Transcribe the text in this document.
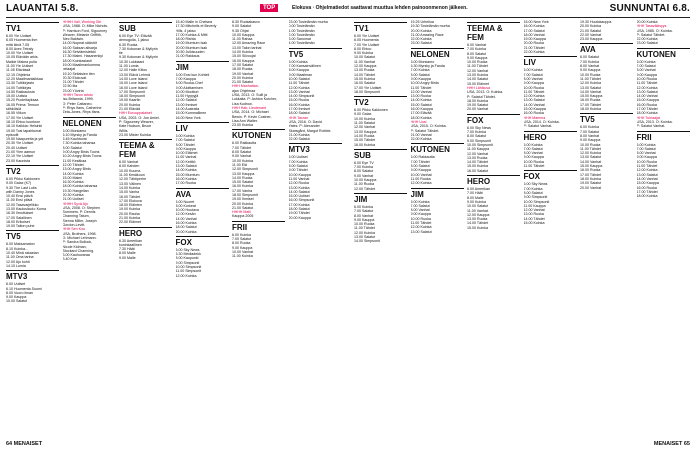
LAUANTAI 5.8.	TOP	Elokuva · Ohjelmatiedot saattavat muuttua lehden painoonmenon jälkeen.	SUNNUNTAI 6.8.
TV1
6.00 Yle Uutiset
6.05 Huomenta ihm
mitä ikinä 7.05
8.00 Avec Tetraly
10.00 Yle Uutiset
10.05 Elävään arkis.
Maikie Makea pulla
11.00 Yle Uutiset
11.05 Elävässä
12.15 Ohjelmia
12.20 Maailmanlaikkaa
13.30 Tuttikirjasto
14.00 Tuttikirjas
14.50 Rakkauksia
15.00 Uutisia
15.20 Puoleltayksaa
16.05 Prima: Tenson
sähköisiä
16.55 Viikon
17.00 Yle Uutiset
18.10 Ehtoo luontoon
18.10 Kaikkia: Helsinki
19.00 Tosi tapahtumat
episodit
19.50 Naapureita ja yrit
20.30 Yle Uutiset
20.40 Uutiset
21.00 Ylen aamun
22.10 Yle Uutiset
23.00 Kaunista
TV2
6.00 Pikku Kakkonen
9.00 Galax (K7)
9.30 The Last Lubs
with Danny Jones
10.40 Ensi päivä
11.00 Ensi päivä
12.00 Tasavarjelikko
13.00 Kauluslaulu: Kuma
16.30 Ilmoitukset
17.00 Salallinen
18.00 Erikoiset
19.00 Taiton puhe
TV5
6.00 Maksamaton
8.10 Kuinka...
10.40 Minä rakastan
11.00 Oma tarina
12.00 Ajo kohti
14.10 Lumia
MTV3
6.00 Uutiset
6.10 Huomenta Suomi
8.00 Vuoro ilman
9.00 Kauppa
10.00 Salatut
HHHH Vall, Working Girl
USA, 1988. O: Mike Nichols.
P: Harrison Ford, Sigourney
Weaver, Melanie Griffith,
Alec Baldwin.
14.00 Nopeat sääntöt
16.00 Saksan alisarja
16.30 Selviämisleikki
17.30 Malmi. Hasanenkyl
18.00 Kuinkaslasti
19.00 Maailmankumma
pelaajat
19.10 Sellaisien tien
20.30 Elokuvat
21.00 Tähdet
22.50 Ilta
23.00 Yövirta
HHHH Tarun tahdo
Iso-Britannia, 1999.
O: Peter Cattaneo.
P: Rhys Ifans, Catherine
Zeta-Jones, Rhys Ifans.
NELONEN
6.00 Morsiamo
6.10 Myrsky ja Fanda
6.45 Kauhtuvat
7.30 Kuinka tahansa
8.00 Salatut
9.00 Angry Birds Toons
10.20 Angry Birds Toons
11.00 Kesäkaa
12.00 Tähdet
13.00 Angry Birds
14.00 Kuinka
15.00 Malmi
16.30 Kuinka
18.00 Kuinka tahansa
19.30 Hangellan
20.30 Kuinka
21.00 Uutiset
HHHH Syvä Ajo
USA, 2008. O: Stephen
Sommers. P: Dennis
Channing Tatum,
Sienna Miller, Joseph
Gordon-Levitt.
HHH Sen Kou
USA, Brothers, 1998.
O: Michael Lehmann.
P: Sandra Bullock,
Nicole Kidman,
Stockard Channing.
3.00 Kauhuvaraa
3.40 Koe
SUB
6.00 Eye TV: Elävää
demogoila, 1 jakso
6.30 Ruoka
7.30 Kokonan & Myllyrin
tie
9.30 Kokonan & Myllyrin
10.30 Lukkiaani
11.00 Lumia
12.00 Halle Kiitos
13.00 Elävä Lehmä
14.00 Love Island
15.00 Love Island
16.00 Love Island
17.00 Simpsonit
18.00 Simpsonit
19.00 Kaartin
20.00 Kuinka
21.00 Elävää
HHH Eurooppalaiset
USA, 2003. O: Jon Amiel.
P: Sigourney Weaver,
Kate Hudson, Bruce
Willis.
23.00 Mister Kuinka
TEEMA & FEM
6.00 Vanhat
8.00 Kahden
10.00 Kuuma
11.00 Kesäkuun
12.00 Tähtiperhe
13.00 Välinen
14.00 Kuinka
15.00 Vanha
16.00 Tähdet
17.00 Elokuva
18.00 Eläinten
19.00 Kuinka
20.00 Rauha
21.00 Kuinka
22.00 Eläimet
HERO
6.30 Amerikan
kuninkaallinen
7.30 Häät
8.00 Malle
9.00 Malle
15.40 Malle in Chelsea
17.30 Mitchells et Beverly
Hills, 4 jakso
17.00 Kuinka & Mitti
18.00 Rishta
19.00 Mumtum Isak
20.00 Mumtum Isak
20.50 Julkisuuden
21.00 Rakkaus
JIM
6.00 Ensi kun Kohteli
7.00 Kauppa
8.00 Ruoka-Chef
9.00 Aloittamisen
10.00 Moottori
11.00 Hyppyjä
12.00 Salatut
13.00 Ihmiset
14.00 Australia
15.00 Kummallinen
16.00 New York
LIV
6.00 Kuinka
7.00 Salatut
8.00 Tähdet
9.00 Kauppa
10.00 Eläimet
11.00 Vanhat
12.00 Keittiö
13.00 Salatut
14.00 Kuinka
15.00 Mumtum
16.00 Kuinka
17.00 Ruoka
AVA
6.00 Nuoret
8.00 Korkeat
10.00 Huutava
12.00 Kesän
14.00 Vanhat
16.00 Kuinka
18.00 Salatut
20.00 Kuinka
FOX
6.00 Sky News
6.30 Mediadekk
8.00 Kaupunki
9.00 Simpsonit
10.00 Simpsonit
11.00 Simpsonit
12.00 Kuinka
8.30 Ruokakasvo
9.00 Salatut
9.35 Ohjat
10.00 Kauppa
11.00 Rahaa
12.00 Amazing Race
13.00 Talon tarinat
14.00 Kuinka
15.00 Siivoojat
16.00 Kauppa
17.00 Salatut
18.00 Ruoka
19.00 Vanhat
20.00 Kuinka
21.00 Salatut
HHH Manhattan-
ajan Ohjelmaa
USA, 2013. O: Suilt ja
Lukkaita. P: Ashton Kutcher,
Lisa Kudrow.
HHH Hair, Lieutenant
USA, 2014. O: Michael
Bewin. P: Kevin Costner,
Lisa Ann Walter.
23.00 Kuinka
KUTONEN
6.00 Rakkautta
7.00 Tähdet
8.00 Salatut
9.00 Vanhat
10.00 Kuinka
11.00 Elä
12.00 Simpsonit
13.00 Kauppa
14.00 Ruoka
15.00 Salatut
16.00 Kuinka
17.00 Vanha
18.00 Simpsonit
19.00 Ihmiset
20.00 Kuinka
21.00 Salatut
HHHH Malli
Kauppa 2005
FRII
6.00 Kuinka
7.00 Salatut
8.00 Ruoka
9.00 Kauppa
10.00 Vanhat
11.00 Kuinka
23.00 Tosielämän murha
0.00 Tosielämän
1.00 Tosielämän
2.00 Tosielämän
3.00 Sanomat
4.00 Tosielämän
TV5
6.00 Kuinka
7.00 Kansainvälinen
8.00 Kauppa
9.00 Maailman
10.00 Salatut
11.00 Tähdet
12.00 Kuinka
13.00 Vanhat
14.00 Simpsonit
15.00 Ruoka
16.00 Kuinka
17.00 Ihmiset
18.00 Salatut
HHH Tarzan
USA, 2016. O: David
Yates. P: Alexander
Skarsgård, Margot Robbie.
21.00 Kuinka
22.00 Salatut
MTV3
6.00 Uutiset
7.00 Kuinka
8.00 Salatut
9.00 Tähdet
10.00 Kauppa
11.00 Vanhat
12.00 Ruoka
13.00 Kuinka
14.00 Salatut
15.00 Uutiset
16.00 Simpsonit
17.00 Kuinka
18.00 Salatut
19.00 Tähdet
20.00 Kauppa
TV1
6.00 Yle Uutiset
6.05 Huomenta
7.00 Yle Uutiset
8.00 Ehtoo
9.00 Kuinka
10.00 Salatut
11.00 Vanhat
12.00 Kauppa
13.00 Ruoka
14.00 Tähdet
15.00 Kuinka
16.00 Salatut
17.00 Yle Uutiset
18.00 Simpsonit
TV2
6.00 Pikku Kakkonen
9.00 Galax
10.00 Kuinka
11.00 Salatut
12.00 Vanhat
13.00 Kauppa
14.00 Ruoka
15.00 Tähdet
16.00 Kuinka
SUB
6.00 Eye TV
7.00 Kuinka
8.00 Salatut
9.00 Vanhat
10.00 Kauppa
11.00 Ruoka
12.00 Tähdet
JIM
6.00 Kuinka
7.00 Salatut
8.00 Vanhat
9.00 Kauppa
10.00 Ruoka
11.00 Tähdet
12.00 Kuinka
13.00 Salatut
14.00 Simpsonit
19.25 Urheilua
19.30 Tosielämän murha
20.00 Kuinka
21.00 Amazing Race
22.00 Kuinka
23.00 Salatut
NELONEN
6.00 Morsiamo
6.30 Myrsky ja Fanda
7.00 Kuinka
8.00 Salatut
9.00 Kauppa
10.00 Angry Birds
11.00 Tähdet
12.00 Vanhat
13.00 Ruoka
14.00 Kuinka
15.00 Salatut
16.00 Kauppa
17.00 Elävää
18.00 Kuinka
HHH Uusi
USA, 2015. O: Kuinka.
P: Salatut Tähdet.
21.00 Vanhat
22.00 Kuinka
KUTONEN
6.00 Rakkautta
7.00 Tähdet
8.00 Salatut
9.00 Kauppa
10.00 Vanhat
11.00 Ruoka
12.00 Kuinka
JIM
6.00 Kuinka
7.00 Salatut
8.00 Vanhat
9.00 Kauppa
10.00 Ruoka
11.00 Tähdet
12.00 Kuinka
13.00 Salatut
TEEMA & FEM
6.00 Vanhat
7.00 Kuinka
8.00 Salatut
9.00 Kauppa
10.00 Ruoka
11.00 Tähdet
12.00 Vanhat
13.00 Kuinka
14.00 Salatut
15.00 Eläimet
HHH Lähikuva
USA, 2013. O: Kuinka.
P: Salatut Tähdet.
18.00 Kuinka
19.00 Salatut
20.00 Vanhat
FOX
6.00 Sky News
7.00 Kuinka
8.00 Salatut
9.00 Simpsonit
10.00 Simpsonit
11.00 Kauppa
12.00 Vanhat
13.00 Ruoka
14.00 Tähdet
15.00 Kuinka
16.00 Salatut
HERO
6.00 Amerikan
7.00 Häät
8.00 Malle
9.00 Kuinka
10.00 Salatut
11.00 Vanhat
12.00 Kauppa
13.00 Ruoka
14.00 Tähdet
15.00 Kuinka
15.00 New York
16.00 Kuinka
17.00 Salatut
18.00 Vanhat
19.00 Kauppa
20.00 Ruoka
21.00 Tähdet
22.00 Kuinka
LIV
6.00 Kuinka
7.00 Salatut
8.00 Vanhat
9.00 Kauppa
10.00 Ruoka
11.00 Tähdet
12.00 Kuinka
13.00 Salatut
14.00 Vanhat
15.00 Kauppa
16.00 Ruoka
HHH Mamma
USA, 2014. O: Kuinka.
P: Salatut Vanhat.
HERO
6.00 Kuinka
7.00 Salatut
8.00 Vanhat
9.00 Kauppa
10.00 Ruoka
11.00 Tähdet
FOX
6.00 Sky News
7.00 Kuinka
8.00 Salatut
9.00 Simpsonit
10.00 Simpsonit
11.00 Kauppa
12.00 Vanhat
13.00 Ruoka
14.00 Tähdet
15.00 Kuinka
19.30 Huutokauppa
20.00 Kuinka
21.00 Salatut
22.00 Vanhat
23.00 Kauppa
AVA
6.00 Salatut
7.00 Kuinka
8.00 Vanhat
9.00 Kauppa
10.00 Ruoka
11.00 Tähdet
12.00 Kuinka
13.00 Salatut
14.00 Vanhat
15.00 Kauppa
16.00 Ruoka
17.00 Tähdet
18.00 Kuinka
TV5
6.00 Kuinka
7.00 Salatut
8.00 Vanhat
9.00 Kauppa
10.00 Ruoka
11.00 Tähdet
12.00 Kuinka
13.00 Salatut
14.00 Vanhat
15.00 Kauppa
16.00 Ruoka
17.00 Tähdet
18.00 Kuinka
19.00 Salatut
20.00 Vanhat
20.00 Kuinka
HHH Tasaväkisyys
USA, 1985. O: Kuinka.
P: Salatut Tähdet.
22.00 Kuinka
23.00 Salatut
KUTONEN
6.00 Kuinka
7.00 Salatut
8.00 Vanhat
9.00 Kauppa
10.00 Ruoka
11.00 Tähdet
12.00 Kuinka
13.00 Salatut
14.00 Vanhat
15.00 Kauppa
16.00 Ruoka
17.00 Tähdet
18.00 Kuinka
HHH Tuhlaajat
USA, 2013. O: Kuinka.
P: Salatut Vanhat.
FRII
6.00 Kuinka
7.00 Salatut
8.00 Vanhat
9.00 Kauppa
10.00 Ruoka
11.00 Tähdet
12.00 Kuinka
13.00 Salatut
14.00 Vanhat
15.00 Kauppa
16.00 Ruoka
17.00 Tähdet
18.00 Kuinka
64 MENAISET	MENAISET 65
